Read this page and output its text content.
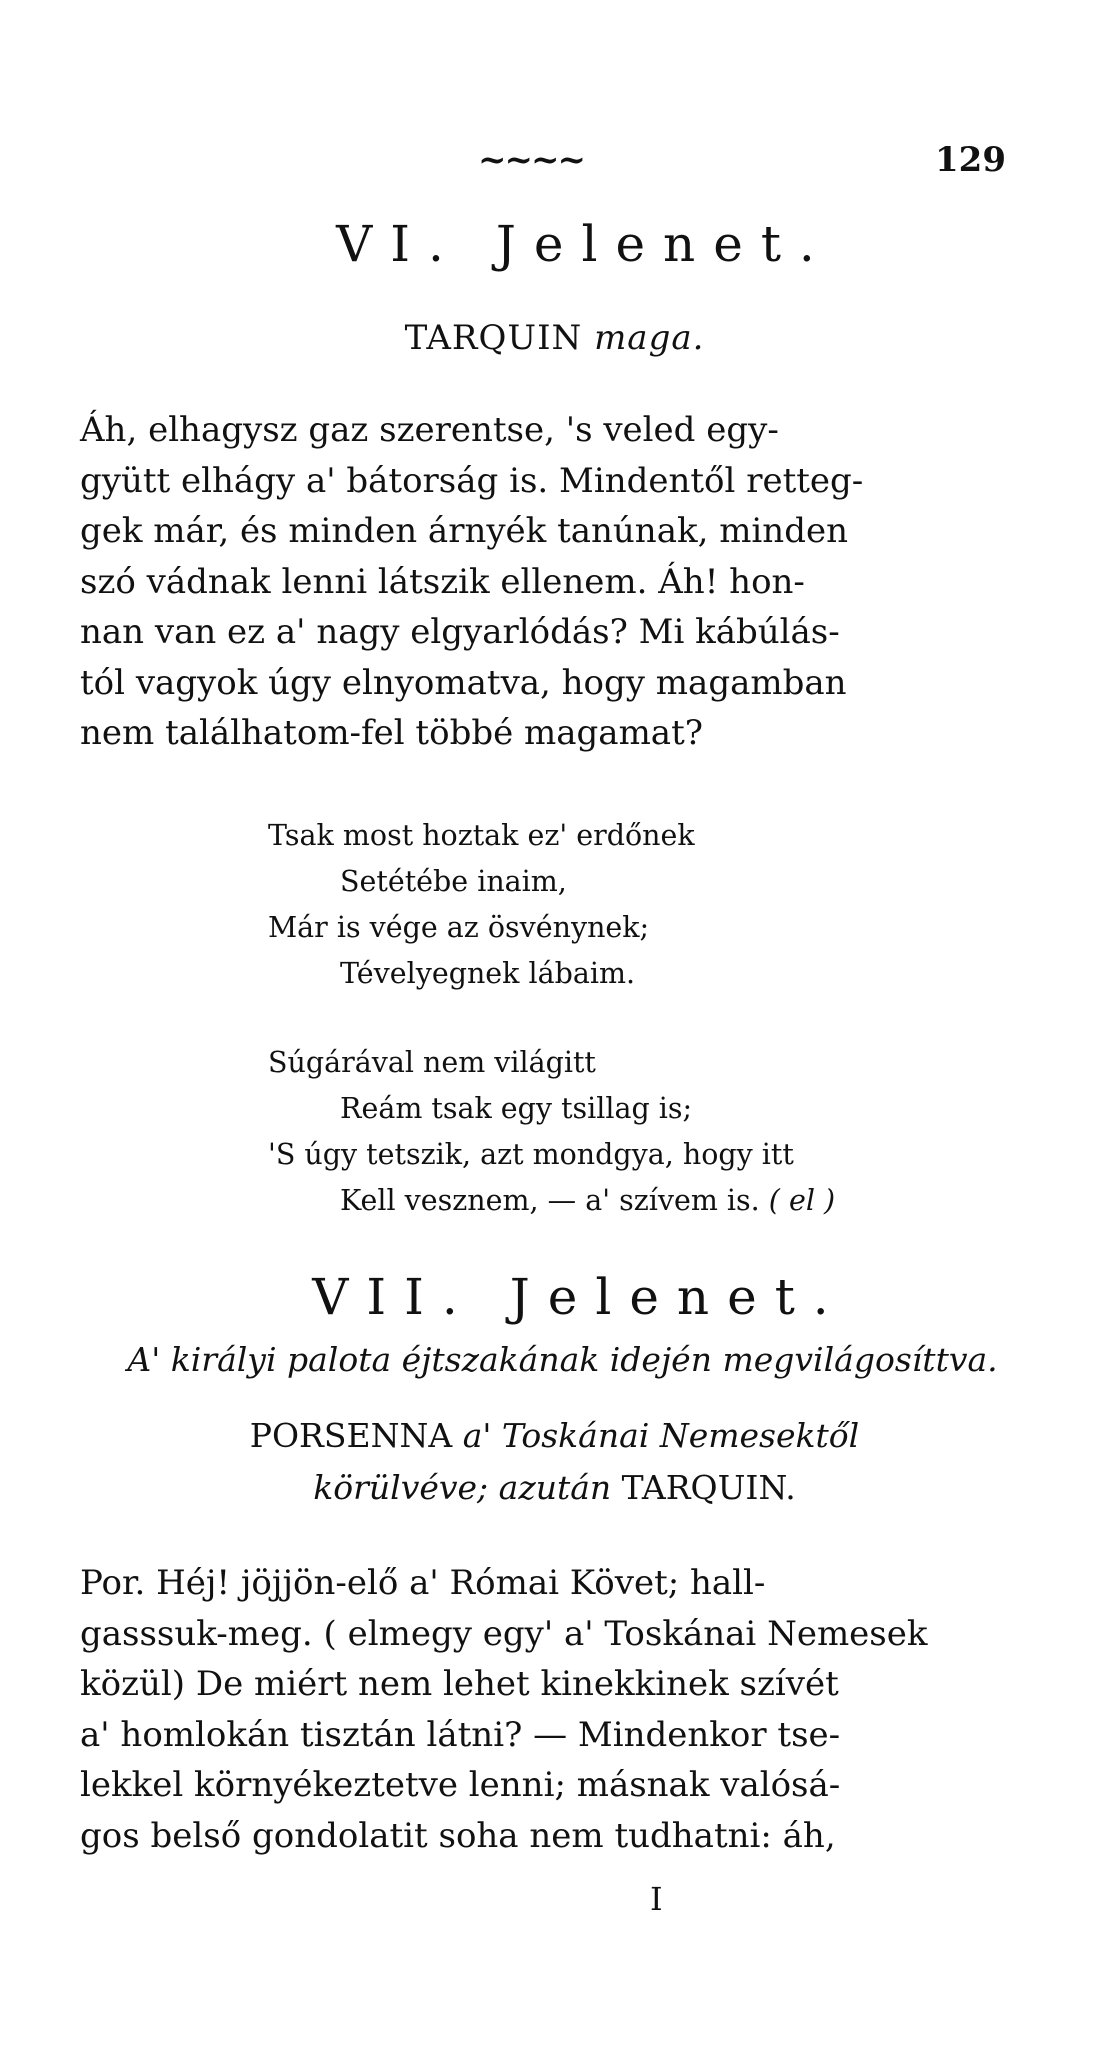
~~~~	129
VI. Jelenet.
TARQUIN maga.
Áh, elhagysz gaz szerentse, 's veled egy-
gyütt elhágy a' bátorság is. Mindentől retteg-
gek már, és minden árnyék tanúnak, minden
szó vádnak lenni látszik ellenem. Áh! hon-
nan van ez a' nagy elgyarlódás? Mi kábúlás-
tól vagyok úgy elnyomatva, hogy magamban
nem találhatom-fel többé magamat?
Tsak most hoztak ez' erdőnek
Setétébe inaim,
Már is vége az ösvénynek;
Tévelyegnek lábaim.
Súgárával nem világitt
Reám tsak egy tsillag is;
'S úgy tetszik, azt mondgya, hogy itt
Kell vesznem, — a' szívem is. ( el )
VII. Jelenet.
A' királyi palota éjtszakának idején megvilágosíttva.
PORSENNA a' Toskánai Nemesektől
körülvéve; azután TARQUIN.
Por. Héj! jöjjön-elő a' Római Követ; hall-
gasssuk-meg. ( elmegy egy' a' Toskánai Nemesek
közül) De miért nem lehet kinekkinek szívét
a' homlokán tisztán látni? — Mindenkor tse-
lekkel környékeztetve lenni; másnak valósá-
gos belső gondolatit soha nem tudhatni: áh,
I
